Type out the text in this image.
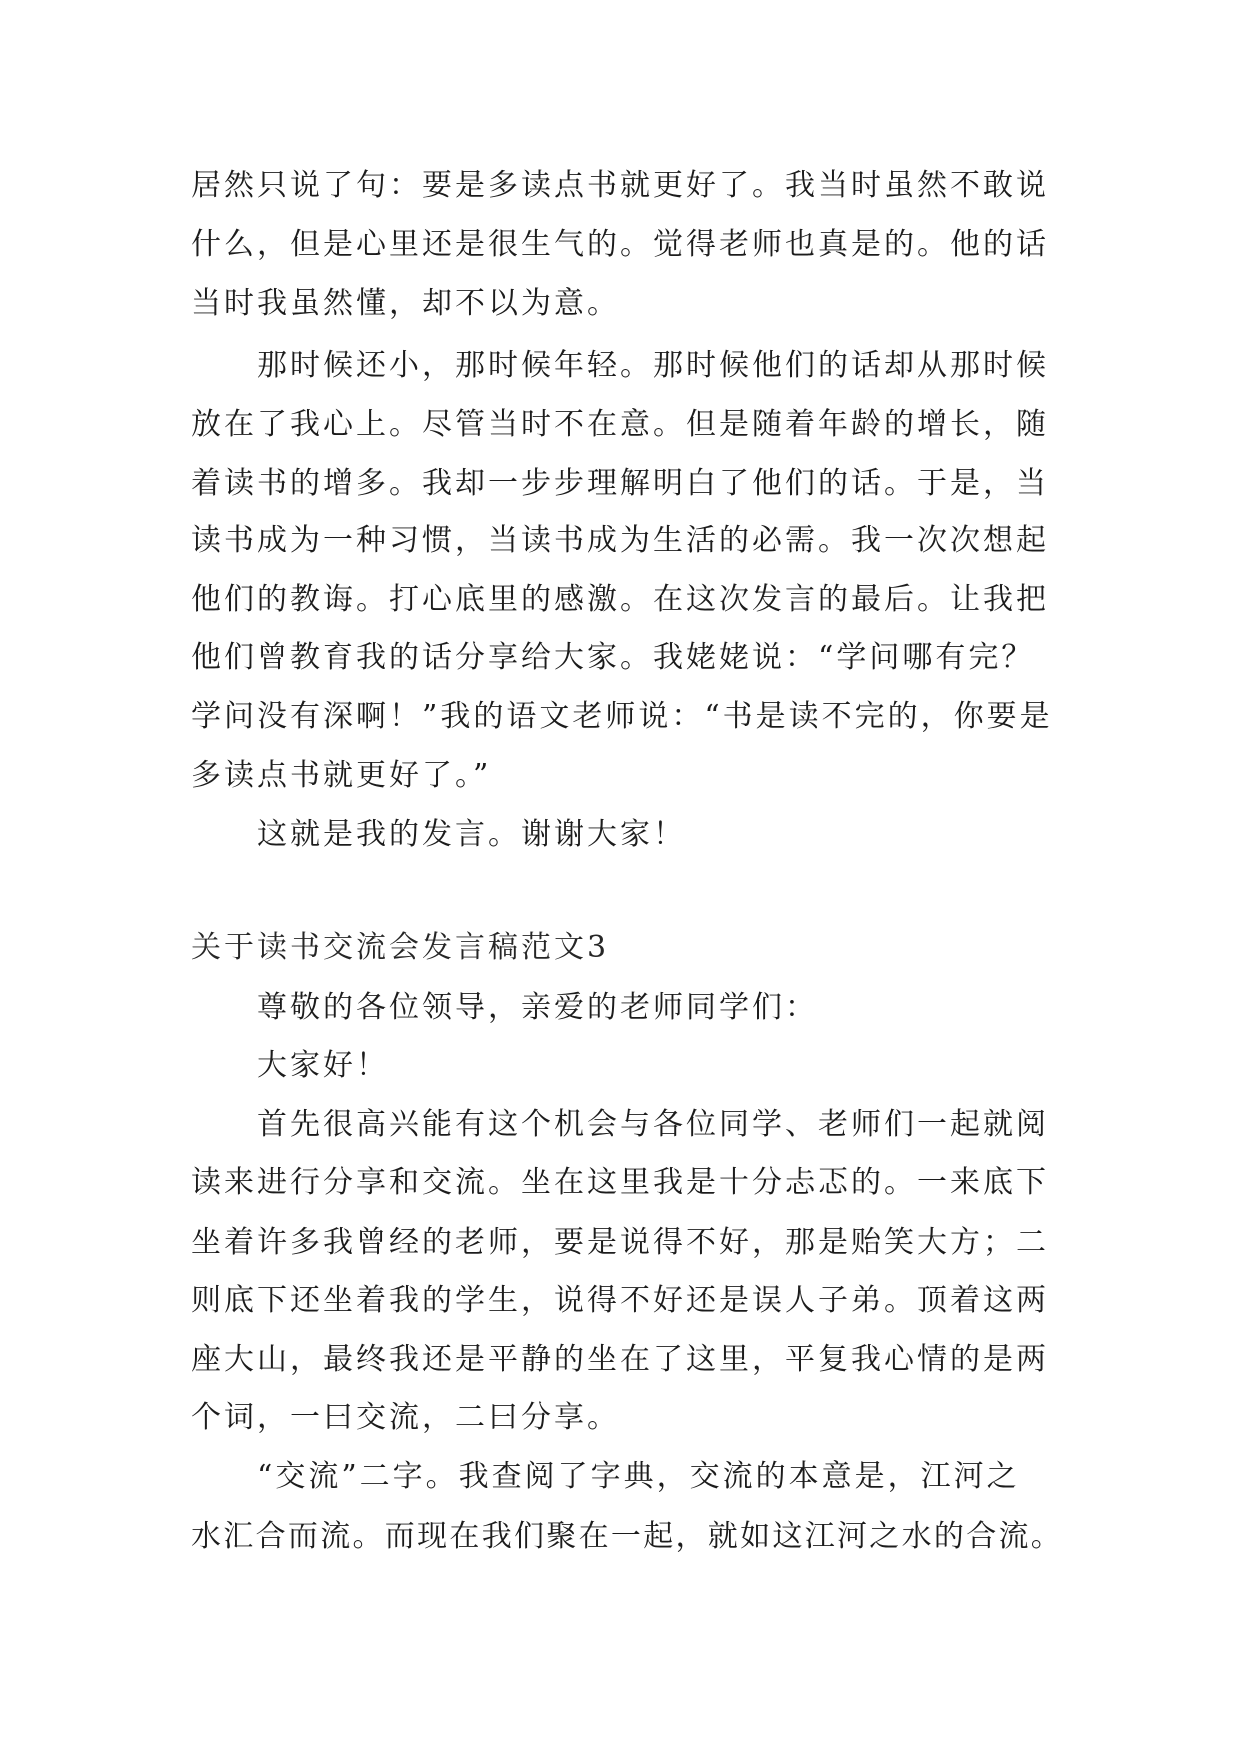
居然只说了句：要是多读点书就更好了。我当时虽然不敢说
什么，但是心里还是很生气的。觉得老师也真是的。他的话
当时我虽然懂，却不以为意。
那时候还小，那时候年轻。那时候他们的话却从那时候
放在了我心上。尽管当时不在意。但是随着年龄的增长，随
着读书的增多。我却一步步理解明白了他们的话。于是，当
读书成为一种习惯，当读书成为生活的必需。我一次次想起
他们的教诲。打心底里的感激。在这次发言的最后。让我把
他们曾教育我的话分享给大家。我姥姥说：“学问哪有完？
学问没有深啊！”我的语文老师说：“书是读不完的，你要是
多读点书就更好了。”
这就是我的发言。谢谢大家！
关于读书交流会发言稿范文3
尊敬的各位领导，亲爱的老师同学们：
大家好！
首先很高兴能有这个机会与各位同学、老师们一起就阅
读来进行分享和交流。坐在这里我是十分忐忑的。一来底下
坐着许多我曾经的老师，要是说得不好，那是贻笑大方；二
则底下还坐着我的学生，说得不好还是误人子弟。顶着这两
座大山，最终我还是平静的坐在了这里，平复我心情的是两
个词，一曰交流，二曰分享。
“交流”二字。我查阅了字典，交流的本意是，江河之
水汇合而流。而现在我们聚在一起，就如这江河之水的合流。
